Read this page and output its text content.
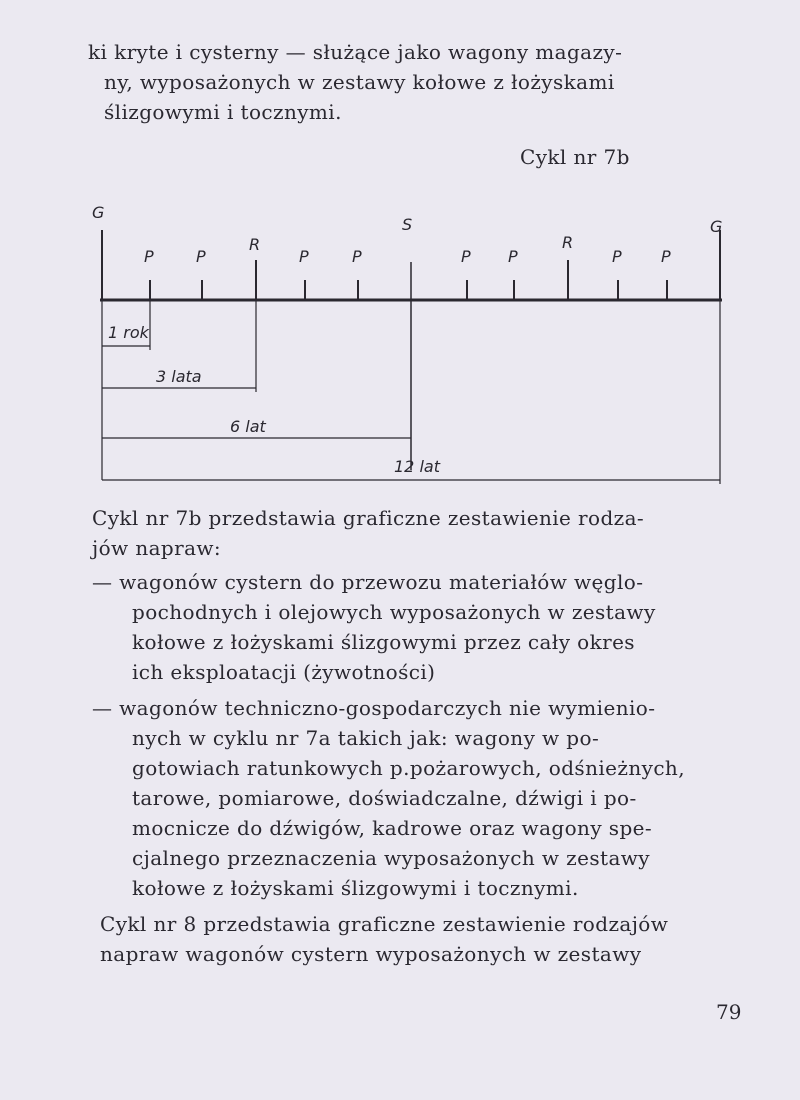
ki kryte i cysterny — służące jako wagony magazy-
ny, wyposażonych w zestawy kołowe z łożyskami
ślizgowymi i tocznymi.
Cykl nr 7b
G
G
S
P	P
R
P	P	P P
R
P P
1 rok
3 lata
6 lat
12 lat
Cykl nr 7b przedstawia graficzne zestawienie rodza-
jów napraw:
— wagonów cystern do przewozu materiałów węglo-
pochodnych i olejowych wyposażonych w zestawy
kołowe z łożyskami ślizgowymi przez cały okres
ich eksploatacji (żywotności)
— wagonów techniczno-gospodarczych nie wymienio-
nych w cyklu nr 7a takich jak: wagony w po-
gotowiach ratunkowych p.pożarowych, odśnieżnych,
tarowe, pomiarowe, doświadczalne, dźwigi i po-
mocnicze do dźwigów, kadrowe oraz wagony spe-
cjalnego przeznaczenia wyposażonych w zestawy
kołowe z łożyskami ślizgowymi i tocznymi.
Cykl nr 8 przedstawia graficzne zestawienie rodzajów
napraw wagonów cystern wyposażonych w zestawy
79
